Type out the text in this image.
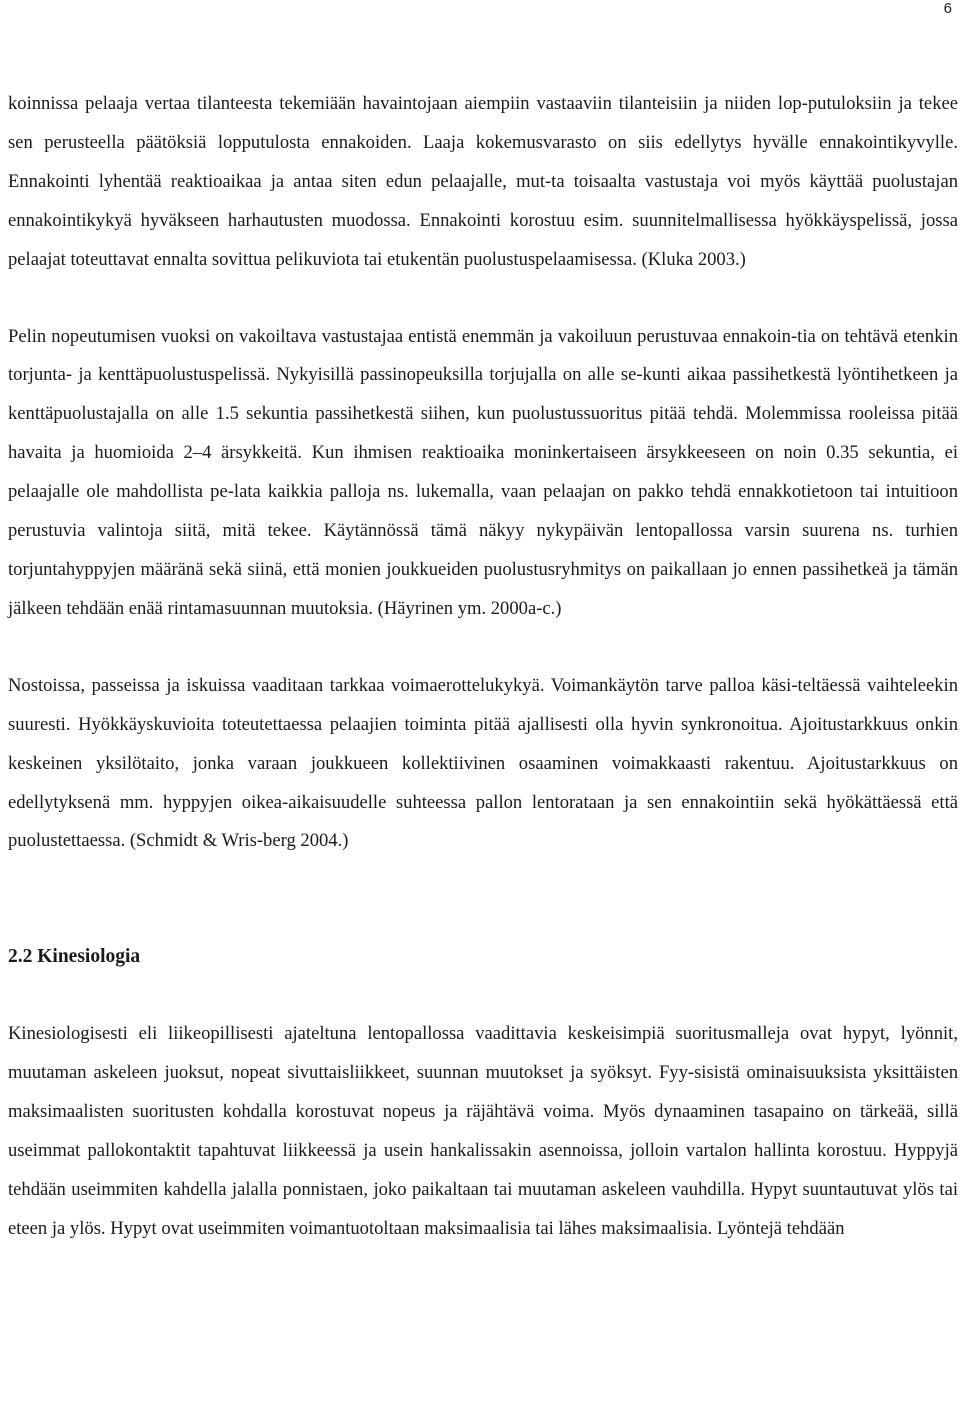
6

koinnissa pelaaja vertaa tilanteesta tekemiään havaintojaan aiempiin vastaaviin tilanteisiin ja niiden lop-putuloksiin ja tekee sen perusteella päätöksiä lopputulosta ennakoiden. Laaja kokemusvarasto on siis edellytys hyvälle ennakointikyvylle. Ennakointi lyhentää reaktioaikaa ja antaa siten edun pelaajalle, mut-ta toisaalta vastustaja voi myös käyttää puolustajan ennakointikykyä hyväkseen harhautusten muodossa. Ennakointi korostuu esim. suunnitelmallisessa hyökkäyspelissä, jossa pelaajat toteuttavat ennalta sovittua pelikuviota tai etukentän puolustuspelaamisessa. (Kluka 2003.)

Pelin nopeutumisen vuoksi on vakoiltava vastustajaa entistä enemmän ja vakoiluun perustuvaa ennakoin-tia on tehtävä etenkin torjunta- ja kenttäpuolustuspelissä. Nykyisillä passinopeuksilla torjujalla on alle se-kunti aikaa passihetkestä lyöntihetkeen ja kenttäpuolustajalla on alle 1.5 sekuntia passihetkestä siihen, kun puolustussuoritus pitää tehdä. Molemmissa rooleissa pitää havaita ja huomioida 2–4 ärsykkeitä. Kun ihmisen reaktioaika moninkertaiseen ärsykkeeseen on noin 0.35 sekuntia, ei pelaajalle ole mahdollista pe-lata kaikkia palloja ns. lukemalla, vaan pelaajan on pakko tehdä ennakkotietoon tai intuitioon perustuvia valintoja siitä, mitä tekee. Käytännössä tämä näkyy nykypäivän lentopallossa varsin suurena ns. turhien torjuntahyppyjen määränä sekä siinä, että monien joukkueiden puolustusryhmitys on paikallaan jo ennen passihetkeä ja tämän jälkeen tehdään enää rintamasuunnan muutoksia. (Häyrinen ym. 2000a-c.)

Nostoissa, passeissa ja iskuissa vaaditaan tarkkaa voimaerottelukykyä. Voimankäytön tarve palloa käsi-teltäessä vaihteleekin suuresti. Hyökkäyskuvioita toteutettaessa pelaajien toiminta pitää ajallisesti olla hyvin synkronoitua. Ajoitustarkkuus onkin keskeinen yksilötaito, jonka varaan joukkueen kollektiivinen osaaminen voimakkaasti rakentuu. Ajoitustarkkuus on edellytyksenä mm. hyppyjen oikea-aikaisuudelle suhteessa pallon lentorataan ja sen ennakointiin sekä hyökättäessä että puolustettaessa. (Schmidt & Wris-berg 2004.)

2.2 Kinesiologia

Kinesiologisesti eli liikeopillisesti ajateltuna lentopallossa vaadittavia keskeisimpiä suoritusmalleja ovat hypyt, lyönnit, muutaman askeleen juoksut, nopeat sivuttaisliikkeet, suunnan muutokset ja syöksyt. Fyy-sisistä ominaisuuksista yksittäisten maksimaalisten suoritusten kohdalla korostuvat nopeus ja räjähtävä voima. Myös dynaaminen tasapaino on tärkeää, sillä useimmat pallokontaktit tapahtuvat liikkeessä ja usein hankalissakin asennoissa, jolloin vartalon hallinta korostuu. Hyppyjä tehdään useimmiten kahdella jalalla ponnistaen, joko paikaltaan tai muutaman askeleen vauhdilla. Hypyt suuntautuvat ylös tai eteen ja ylös. Hypyt ovat useimmiten voimantuotoltaan maksimaalisia tai lähes maksimaalisia. Lyöntejä tehdään
